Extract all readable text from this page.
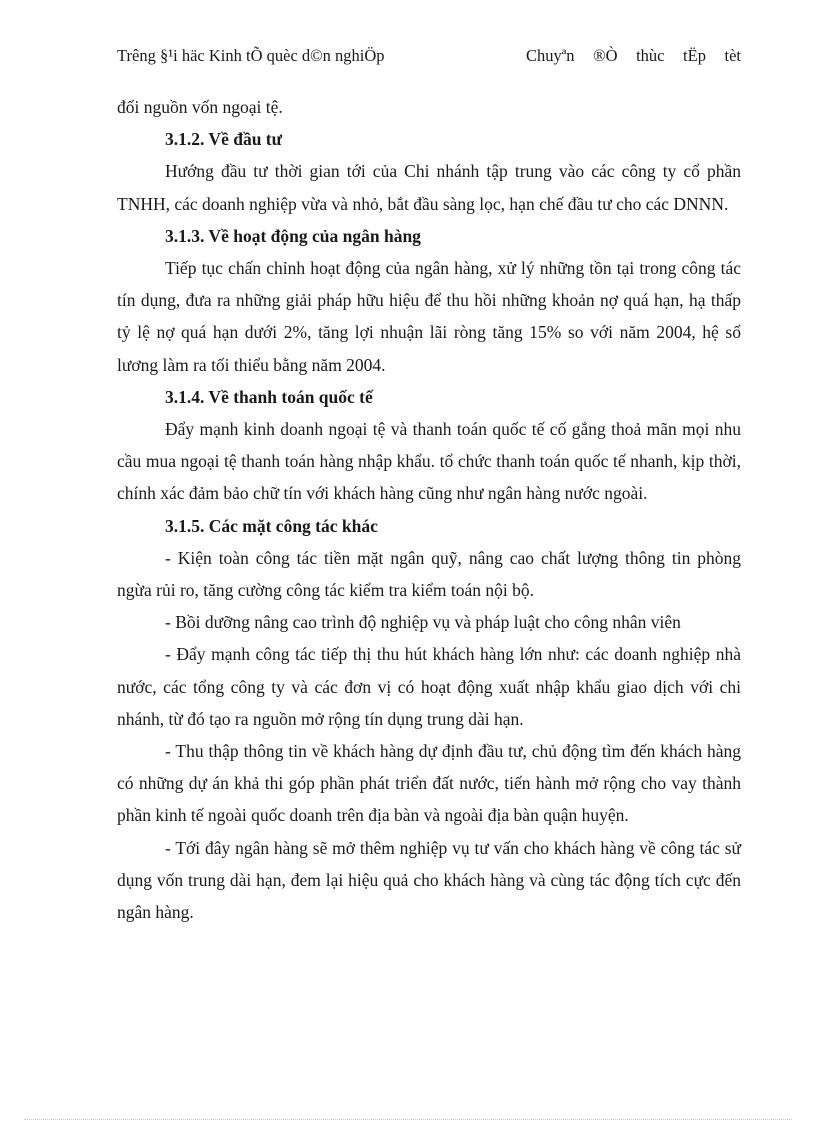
Trêng §¹i häc Kinh tÕ quèc d©n nghiÖp	Chuyªn ®Ò thùc tËp tèt

đối nguồn vốn ngoại tệ.

3.1.2. Về đầu tư

Hướng đầu tư thời gian tới của Chi nhánh tập trung vào các công ty cổ phần TNHH, các doanh nghiệp vừa và nhỏ, bắt đầu sàng lọc, hạn chế đầu tư cho các DNNN.

3.1.3. Về hoạt động của ngân hàng

Tiếp tục chấn chỉnh hoạt động của ngân hàng, xử lý những tồn tại trong công tác tín dụng, đưa ra những giải pháp hữu hiệu để thu hồi những khoản nợ quá hạn, hạ thấp tỷ lệ nợ quá hạn dưới 2%, tăng lợi nhuận lãi ròng tăng 15% so với năm 2004, hệ số lương làm ra tối thiểu bằng năm 2004.

3.1.4. Về thanh toán quốc tế

Đẩy mạnh kinh doanh ngoại tệ và thanh toán quốc tế cố gắng thoả mãn mọi nhu cầu mua ngoại tệ thanh toán hàng nhập khẩu. tổ chức thanh toán quốc tế nhanh, kịp thời, chính xác đảm bảo chữ tín với khách hàng cũng như ngân hàng nước ngoài.

3.1.5. Các mặt công tác khác

- Kiện toàn công tác tiền mặt ngân quỹ, nâng cao chất lượng thông tin phòng ngừa rủi ro, tăng cường công tác kiểm tra kiểm toán nội bộ.

- Bồi dưỡng nâng cao trình độ nghiệp vụ và pháp luật cho công nhân viên

- Đẩy mạnh công tác tiếp thị thu hút khách hàng lớn như: các doanh nghiệp nhà nước, các tổng công ty và các đơn vị có hoạt động xuất nhập khẩu giao dịch với chi nhánh, từ đó tạo ra nguồn mở rộng tín dụng trung dài hạn.

- Thu thập thông tin về khách hàng dự định đầu tư, chủ động tìm đến khách hàng có những dự án khả thi góp phần phát triển đất nước, tiến hành mở rộng cho vay thành phần kinh tế ngoài quốc doanh trên địa bàn và ngoài địa bàn quận huyện.

- Tới đây ngân hàng sẽ mở thêm nghiệp vụ tư vấn cho khách hàng về công tác sử dụng vốn trung dài hạn, đem lại hiệu quả cho khách hàng và cùng tác động tích cực đến ngân hàng.
